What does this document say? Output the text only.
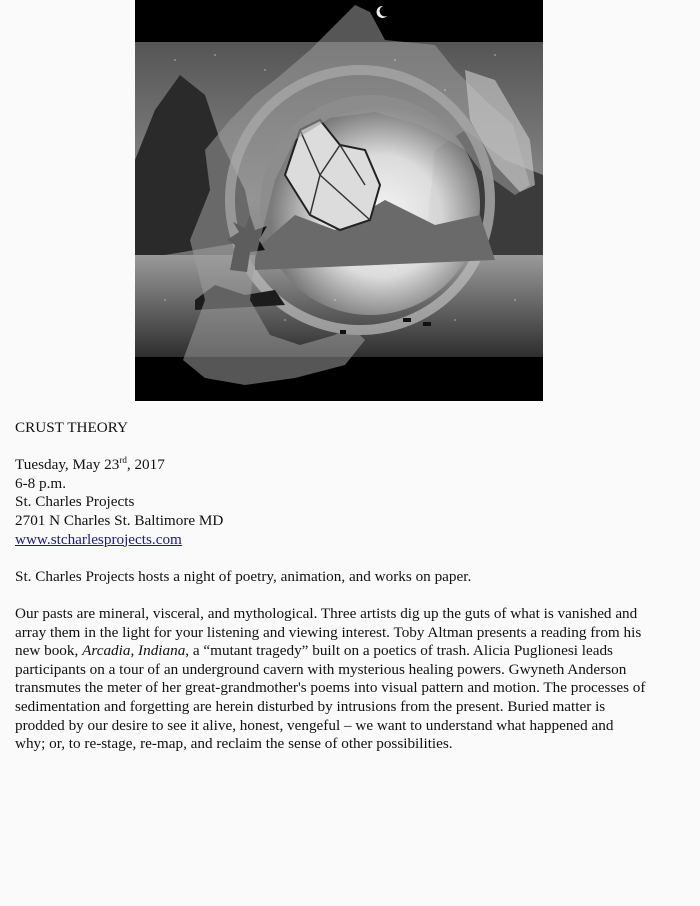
CRUST THEORY

Tuesday, May 23rd, 2017

6-8 p.m.

St. Charles Projects

2701 N Charles St. Baltimore MD

www.stcharlesprojects.com

St. Charles Projects hosts a night of poetry, animation, and works on paper.

Our pasts are mineral, visceral, and mythological. Three artists dig up the guts of what is vanished and

array them in the light for your listening and viewing interest. Toby Altman presents a reading from his

new book, Arcadia, Indiana, a “mutant tragedy” built on a poetics of trash. Alicia Puglionesi leads

participants on a tour of an underground cavern with mysterious healing powers. Gwyneth Anderson

transmutes the meter of her great-grandmother's poems into visual pattern and motion. The processes of

sedimentation and forgetting are herein disturbed by intrusions from the present. Buried matter is

prodded by our desire to see it alive, honest, vengeful – we want to understand what happened and

why; or, to re-stage, re-map, and reclaim the sense of other possibilities.
